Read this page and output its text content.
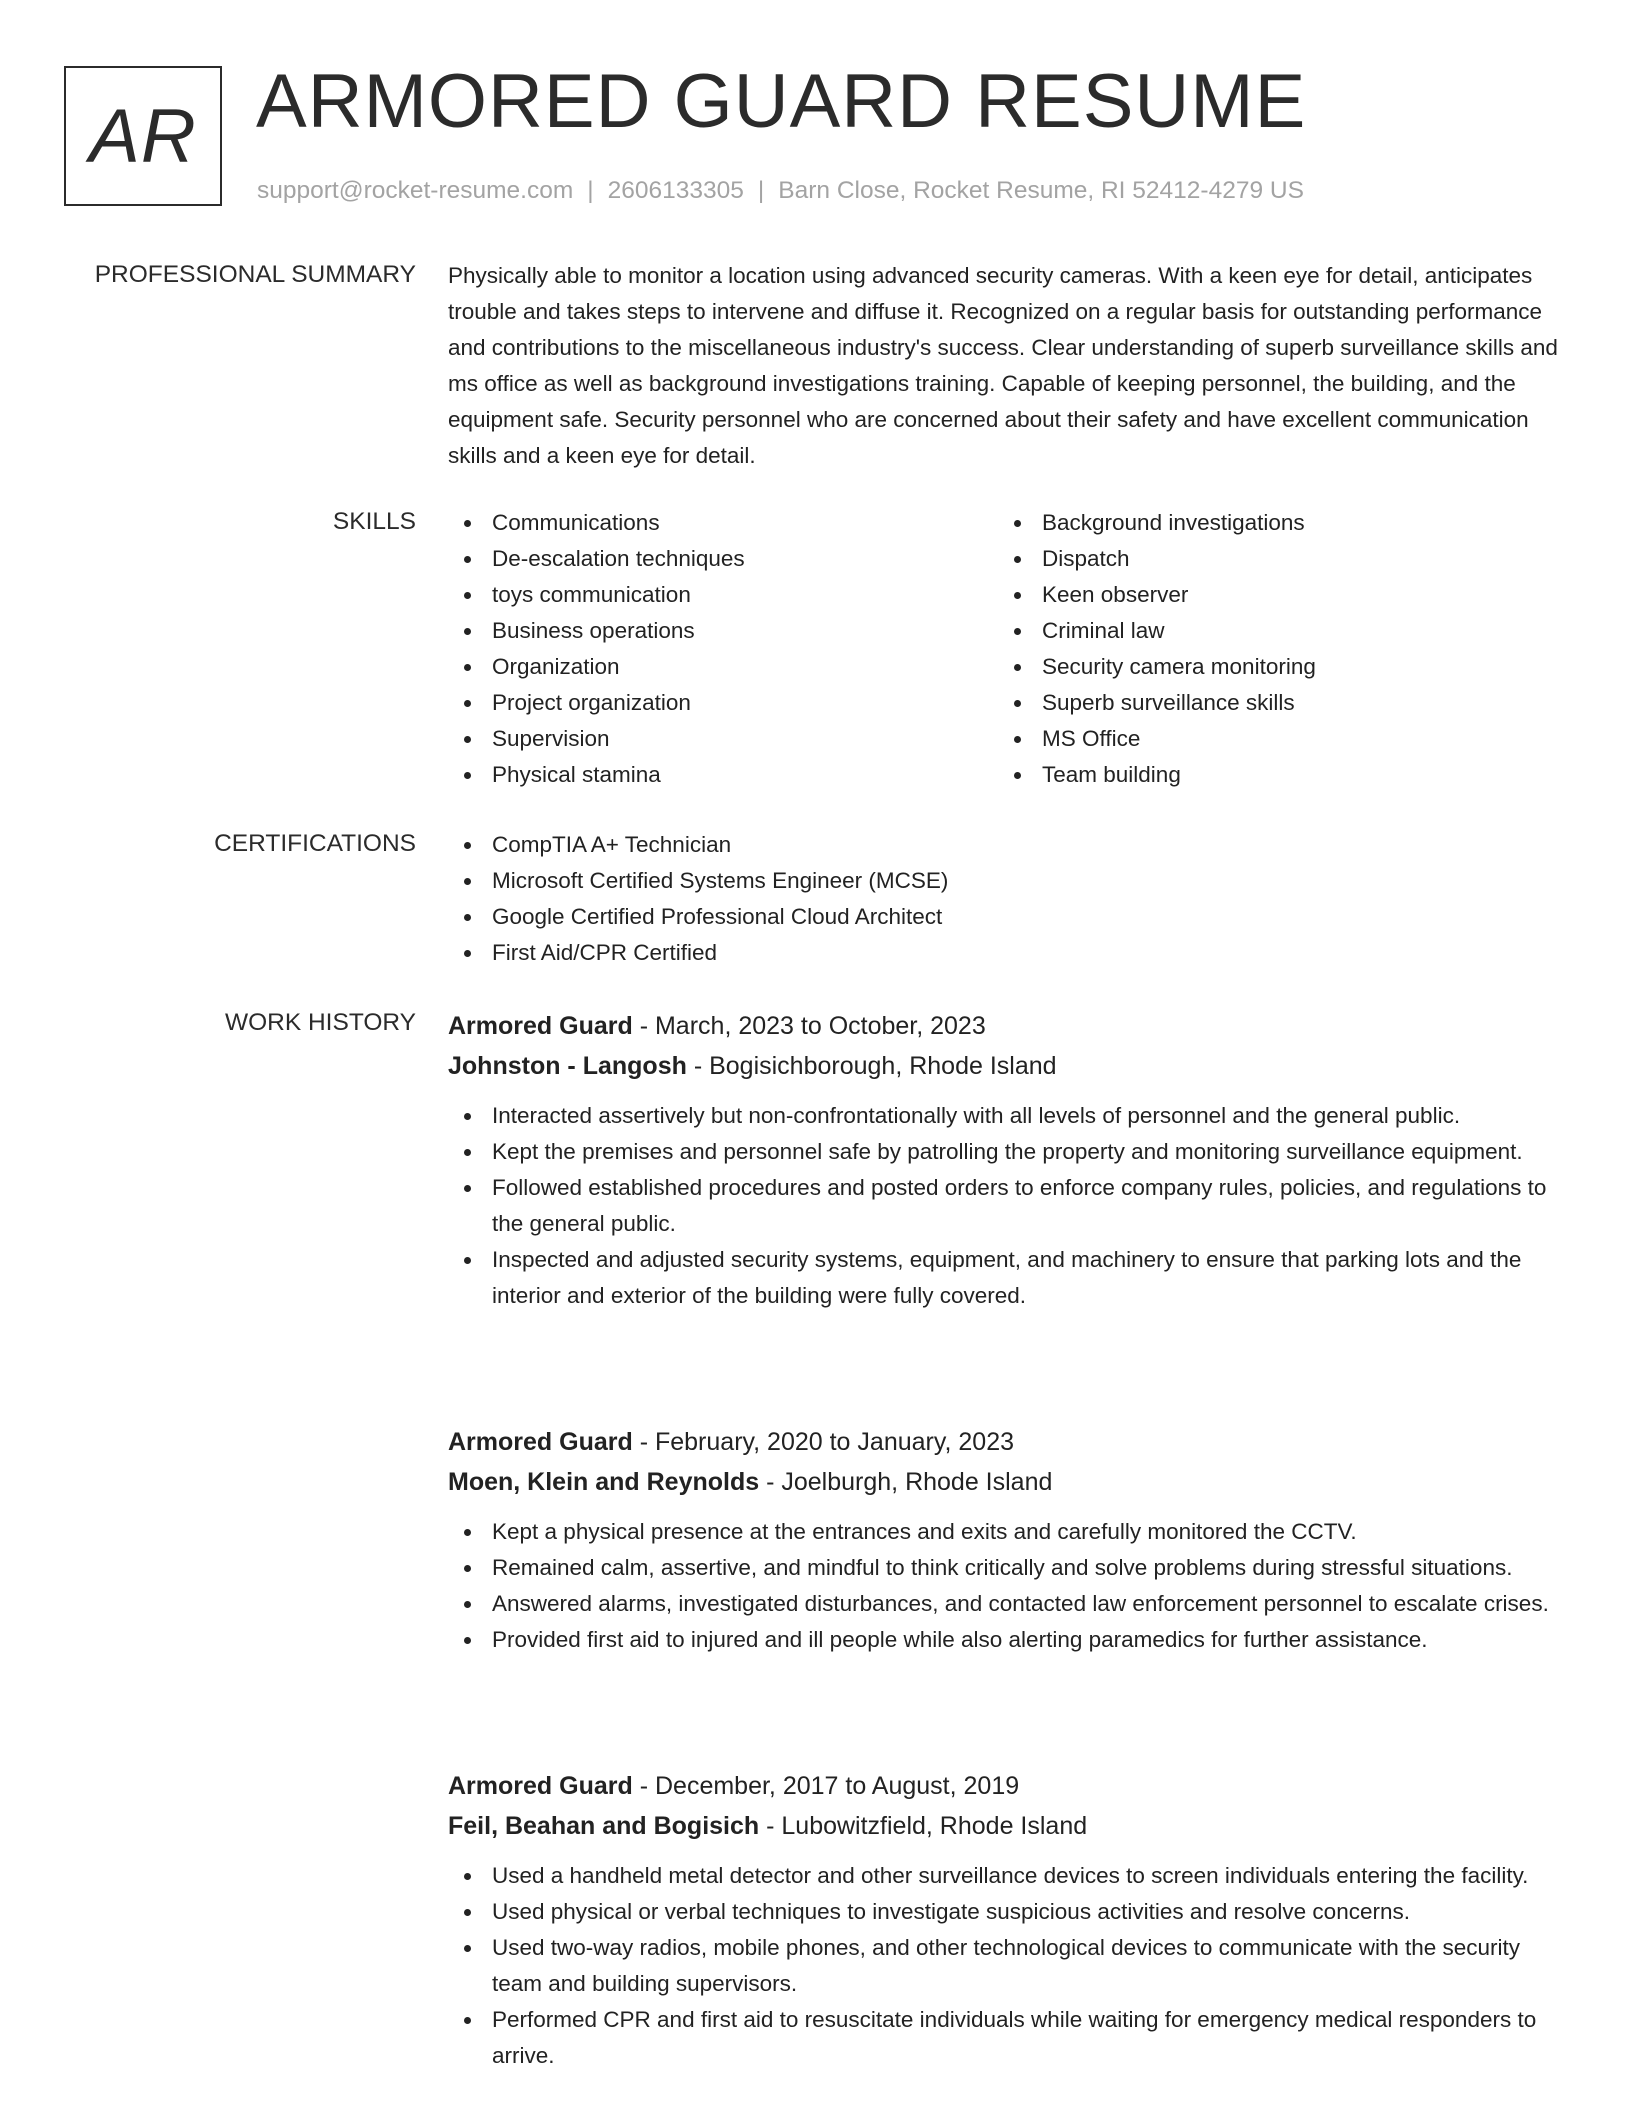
AR ARMORED GUARD RESUME
support@rocket-resume.com | 2606133305 | Barn Close, Rocket Resume, RI 52412-4279 US
PROFESSIONAL SUMMARY Physically able to monitor a location using advanced security cameras. With a keen eye for detail, anticipates trouble and takes steps to intervene and diffuse it. Recognized on a regular basis for outstanding performance and contributions to the miscellaneous industry's success. Clear understanding of superb surveillance skills and ms office as well as background investigations training. Capable of keeping personnel, the building, and the equipment safe. Security personnel who are concerned about their safety and have excellent communication skills and a keen eye for detail.

SKILLS	Communications
De-escalation techniques
toys communication
Business operations
Organization
Project organization
Supervision
Physical stamina
Background investigations
Dispatch
Keen observer
Criminal law
Security camera monitoring
Superb surveillance skills
MS Office
Team building
CERTIFICATIONS	CompTIA A+ Technician
Microsoft Certified Systems Engineer (MCSE)
Google Certified Professional Cloud Architect
First Aid/CPR Certified
WORK HISTORY Armored Guard - March, 2023 to October, 2023
Johnston - Langosh - Bogisichborough, Rhode Island
Interacted assertively but non-confrontationally with all levels of personnel and the general public.
Kept the premises and personnel safe by patrolling the property and monitoring surveillance equipment.
Followed established procedures and posted orders to enforce company rules, policies, and regulations to the general public.
Inspected and adjusted security systems, equipment, and machinery to ensure that parking lots and the interior and exterior of the building were fully covered.
Armored Guard - February, 2020 to January, 2023
Moen, Klein and Reynolds - Joelburgh, Rhode Island
Kept a physical presence at the entrances and exits and carefully monitored the CCTV.
Remained calm, assertive, and mindful to think critically and solve problems during stressful situations.
Answered alarms, investigated disturbances, and contacted law enforcement personnel to escalate crises.
Provided first aid to injured and ill people while also alerting paramedics for further assistance.
Armored Guard - December, 2017 to August, 2019
Feil, Beahan and Bogisich - Lubowitzfield, Rhode Island
Used a handheld metal detector and other surveillance devices to screen individuals entering the facility.
Used physical or verbal techniques to investigate suspicious activities and resolve concerns.
Used two-way radios, mobile phones, and other technological devices to communicate with the security team and building supervisors.
Performed CPR and first aid to resuscitate individuals while waiting for emergency medical responders to arrive.
